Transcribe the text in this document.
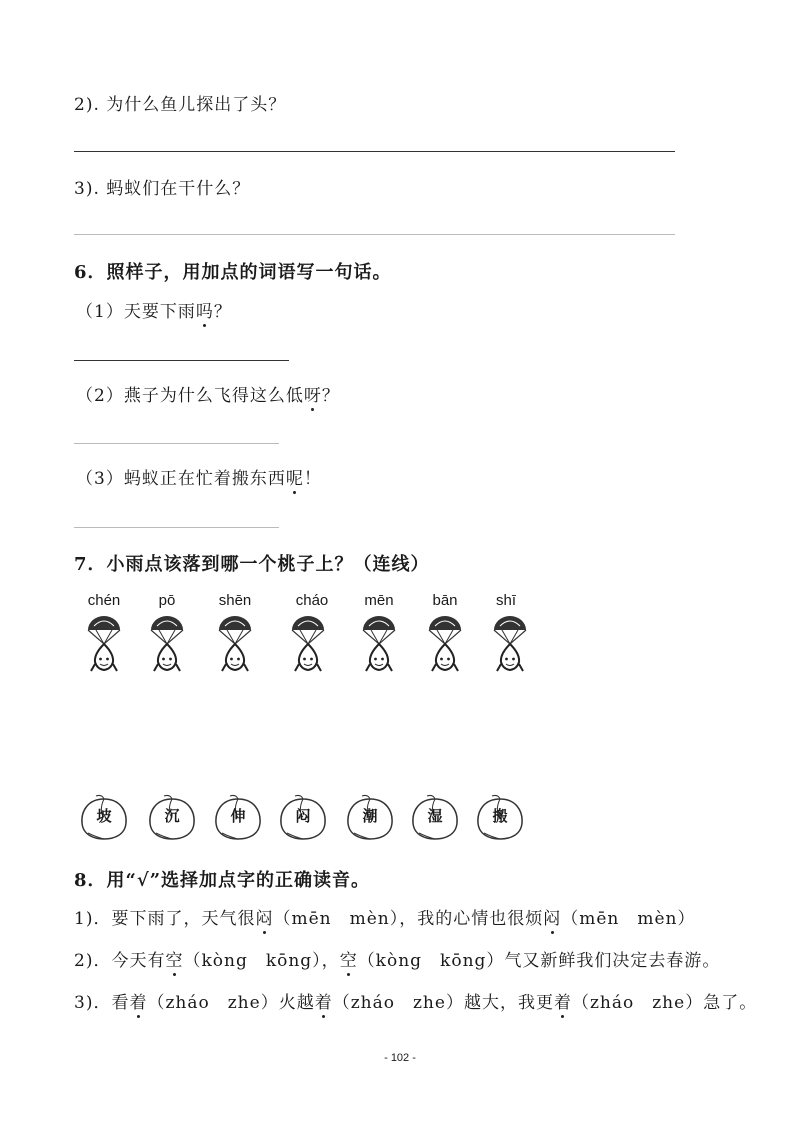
2). 为什么鱼儿探出了头？
3). 蚂蚁们在干什么？
6．照样子，用加点的词语写一句话。
（1）天要下雨吗？
（2）燕子为什么飞得这么低呀？
（3）蚂蚁正在忙着搬东西呢！
7．小雨点该落到哪一个桃子上？（连线）
chén	pō	shēn	cháo	mēn	bān	shī
坡	沉	伸	闷	潮	湿	搬
8．用“√”选择加点字的正确读音。
1)．要下雨了，天气很闷（mēn　mèn），我的心情也很烦闷（mēn　mèn）
2)．今天有空（kòng　kōng），空（kòng　kōng）气又新鲜我们决定去春游。
3)．看着（zháo　zhe）火越着（zháo　zhe）越大，我更着（zháo　zhe）急了。
- 102 -
